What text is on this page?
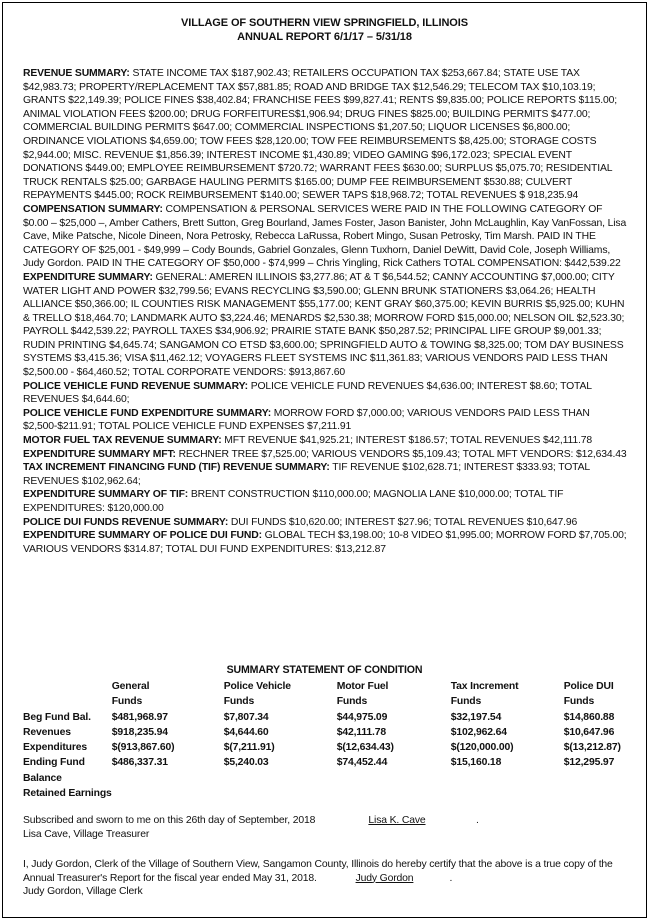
VILLAGE OF SOUTHERN VIEW SPRINGFIELD, ILLINOIS
ANNUAL REPORT 6/1/17 – 5/31/18

REVENUE SUMMARY: STATE INCOME TAX $187,902.43; RETAILERS OCCUPATION TAX $253,667.84; STATE USE TAX $42,983.73; PROPERTY/REPLACEMENT TAX $57,881.85; ROAD AND BRIDGE TAX $12,546.29; TELECOM TAX $10,103.19; GRANTS $22,149.39; POLICE FINES $38,402.84; FRANCHISE FEES $99,827.41; RENTS $9,835.00; POLICE REPORTS $115.00; ANIMAL VIOLATION FEES $200.00; DRUG FORFEITURES$1,906.94; DRUG FINES $825.00; BUILDING PERMITS $477.00; COMMERCIAL BUILDING PERMITS $647.00; COMMERCIAL INSPECTIONS $1,207.50; LIQUOR LICENSES $6,800.00; ORDINANCE VIOLATIONS $4,659.00; TOW FEES $28,120.00; TOW FEE REIMBURSEMENTS $8,425.00; STORAGE COSTS $2,944.00; MISC. REVENUE $1,856.39; INTEREST INCOME $1,430.89; VIDEO GAMING $96,172.023; SPECIAL EVENT DONATIONS $449.00; EMPLOYEE REIMBURSEMENT $720.72; WARRANT FEES $630.00; SURPLUS $5,075.70; RESIDENTIAL TRUCK RENTALS $25.00; GARBAGE HAULING PERMITS $165.00; DUMP FEE REIMBURSEMENT $530.88; CULVERT REPAYMENTS $445.00; ROCK REIMBURSEMENT $140.00; SEWER TAPS $18,968.72; TOTAL REVENUES $ 918,235.94

COMPENSATION SUMMARY: COMPENSATION & PERSONAL SERVICES WERE PAID IN THE FOLLOWING CATEGORY OF $0.00 – $25,000 –, Amber Cathers, Brett Sutton, Greg Bourland, James Foster, Jason Banister, John McLaughlin, Kay VanFossan, Lisa Cave, Mike Patsche, Nicole Dineen, Nora Petrosky, Rebecca LaRussa, Robert Mingo, Susan Petrosky, Tim Marsh. PAID IN THE CATEGORY OF $25,001 - $49,999 – Cody Bounds, Gabriel Gonzales, Glenn Tuxhorn, Daniel DeWitt, David Cole, Joseph Williams, Judy Gordon. PAID IN THE CATEGORY OF $50,000 - $74,999 – Chris Yingling, Rick Cathers TOTAL COMPENSATION: $442,539.22

EXPENDITURE SUMMARY: GENERAL: AMEREN ILLINOIS $3,277.86; AT & T $6,544.52; CANNY ACCOUNTING $7,000.00; CITY WATER LIGHT AND POWER $32,799.56; EVANS RECYCLING $3,590.00; GLENN BRUNK STATIONERS $3,064.26; HEALTH ALLIANCE $50,366.00; IL COUNTIES RISK MANAGEMENT $55,177.00; KENT GRAY $60,375.00; KEVIN BURRIS $5,925.00; KUHN & TRELLO $18,464.70; LANDMARK AUTO $3,224.46; MENARDS $2,530.38; MORROW FORD $15,000.00; NELSON OIL $2,523.30; PAYROLL $442,539.22; PAYROLL TAXES $34,906.92; PRAIRIE STATE BANK $50,287.52; PRINCIPAL LIFE GROUP $9,001.33; RUDIN PRINTING $4,645.74; SANGAMON CO ETSD $3,600.00; SPRINGFIELD AUTO & TOWING $8,325.00; TOM DAY BUSINESS SYSTEMS $3,415.36; VISA $11,462.12; VOYAGERS FLEET SYSTEMS INC $11,361.83; VARIOUS VENDORS PAID LESS THAN $2,500.00 - $64,460.52; TOTAL CORPORATE VENDORS: $913,867.60

POLICE VEHICLE FUND REVENUE SUMMARY: POLICE VEHICLE FUND REVENUES $4,636.00; INTEREST $8.60; TOTAL REVENUES $4,644.60;

POLICE VEHICLE FUND EXPENDITURE SUMMARY: MORROW FORD $7,000.00; VARIOUS VENDORS PAID LESS THAN $2,500-$211.91; TOTAL POLICE VEHICLE FUND EXPENSES $7,211.91

MOTOR FUEL TAX REVENUE SUMMARY: MFT REVENUE $41,925.21; INTEREST $186.57; TOTAL REVENUES $42,111.78

EXPENDITURE SUMMARY MFT: RECHNER TREE $7,525.00; VARIOUS VENDORS $5,109.43; TOTAL MFT VENDORS: $12,634.43

TAX INCREMENT FINANCING FUND (TIF) REVENUE SUMMARY: TIF REVENUE $102,628.71; INTEREST $333.93; TOTAL REVENUES $102,962.64;

EXPENDITURE SUMMARY OF TIF: BRENT CONSTRUCTION $110,000.00; MAGNOLIA LANE $10,000.00; TOTAL TIF EXPENDITURES: $120,000.00

POLICE DUI FUNDS REVENUE SUMMARY: DUI FUNDS $10,620.00; INTEREST $27.96; TOTAL REVENUES $10,647.96

EXPENDITURE SUMMARY OF POLICE DUI FUND: GLOBAL TECH $3,198.00; 10-8 VIDEO $1,995.00; MORROW FORD $7,705.00; VARIOUS VENDORS $314.87; TOTAL DUI FUND EXPENDITURES: $13,212.87

SUMMARY STATEMENT OF CONDITION
	General	Police Vehicle	Motor Fuel	Tax Increment	Police DUI
	Funds	Funds	Funds	Funds	Funds
Beg Fund Bal.	$481,968.97	$7,807.34	$44,975.09	$32,197.54	$14,860.88
Revenues	$918,235.94	$4,644.60	$42,111.78	$102,962.64	$10,647.96
Expenditures	$(913,867.60)	$(7,211.91)	$(12,634.43)	$(120,000.00)	$(13,212.87)
Ending Fund	$486,337.31	$5,240.03	$74,452.44	$15,160.18	$12,295.97
Balance					
Retained Earnings					

Subscribed and sworn to me on this 26th day of September, 2018	Lisa K. Cave	.

Lisa Cave, Village Treasurer

I, Judy Gordon, Clerk of the Village of Southern View, Sangamon County, Illinois do hereby certify that the above is a true copy of the Annual Treasurer's Report for the fiscal year ended May 31, 2018.	Judy Gordon	.

Judy Gordon, Village Clerk
